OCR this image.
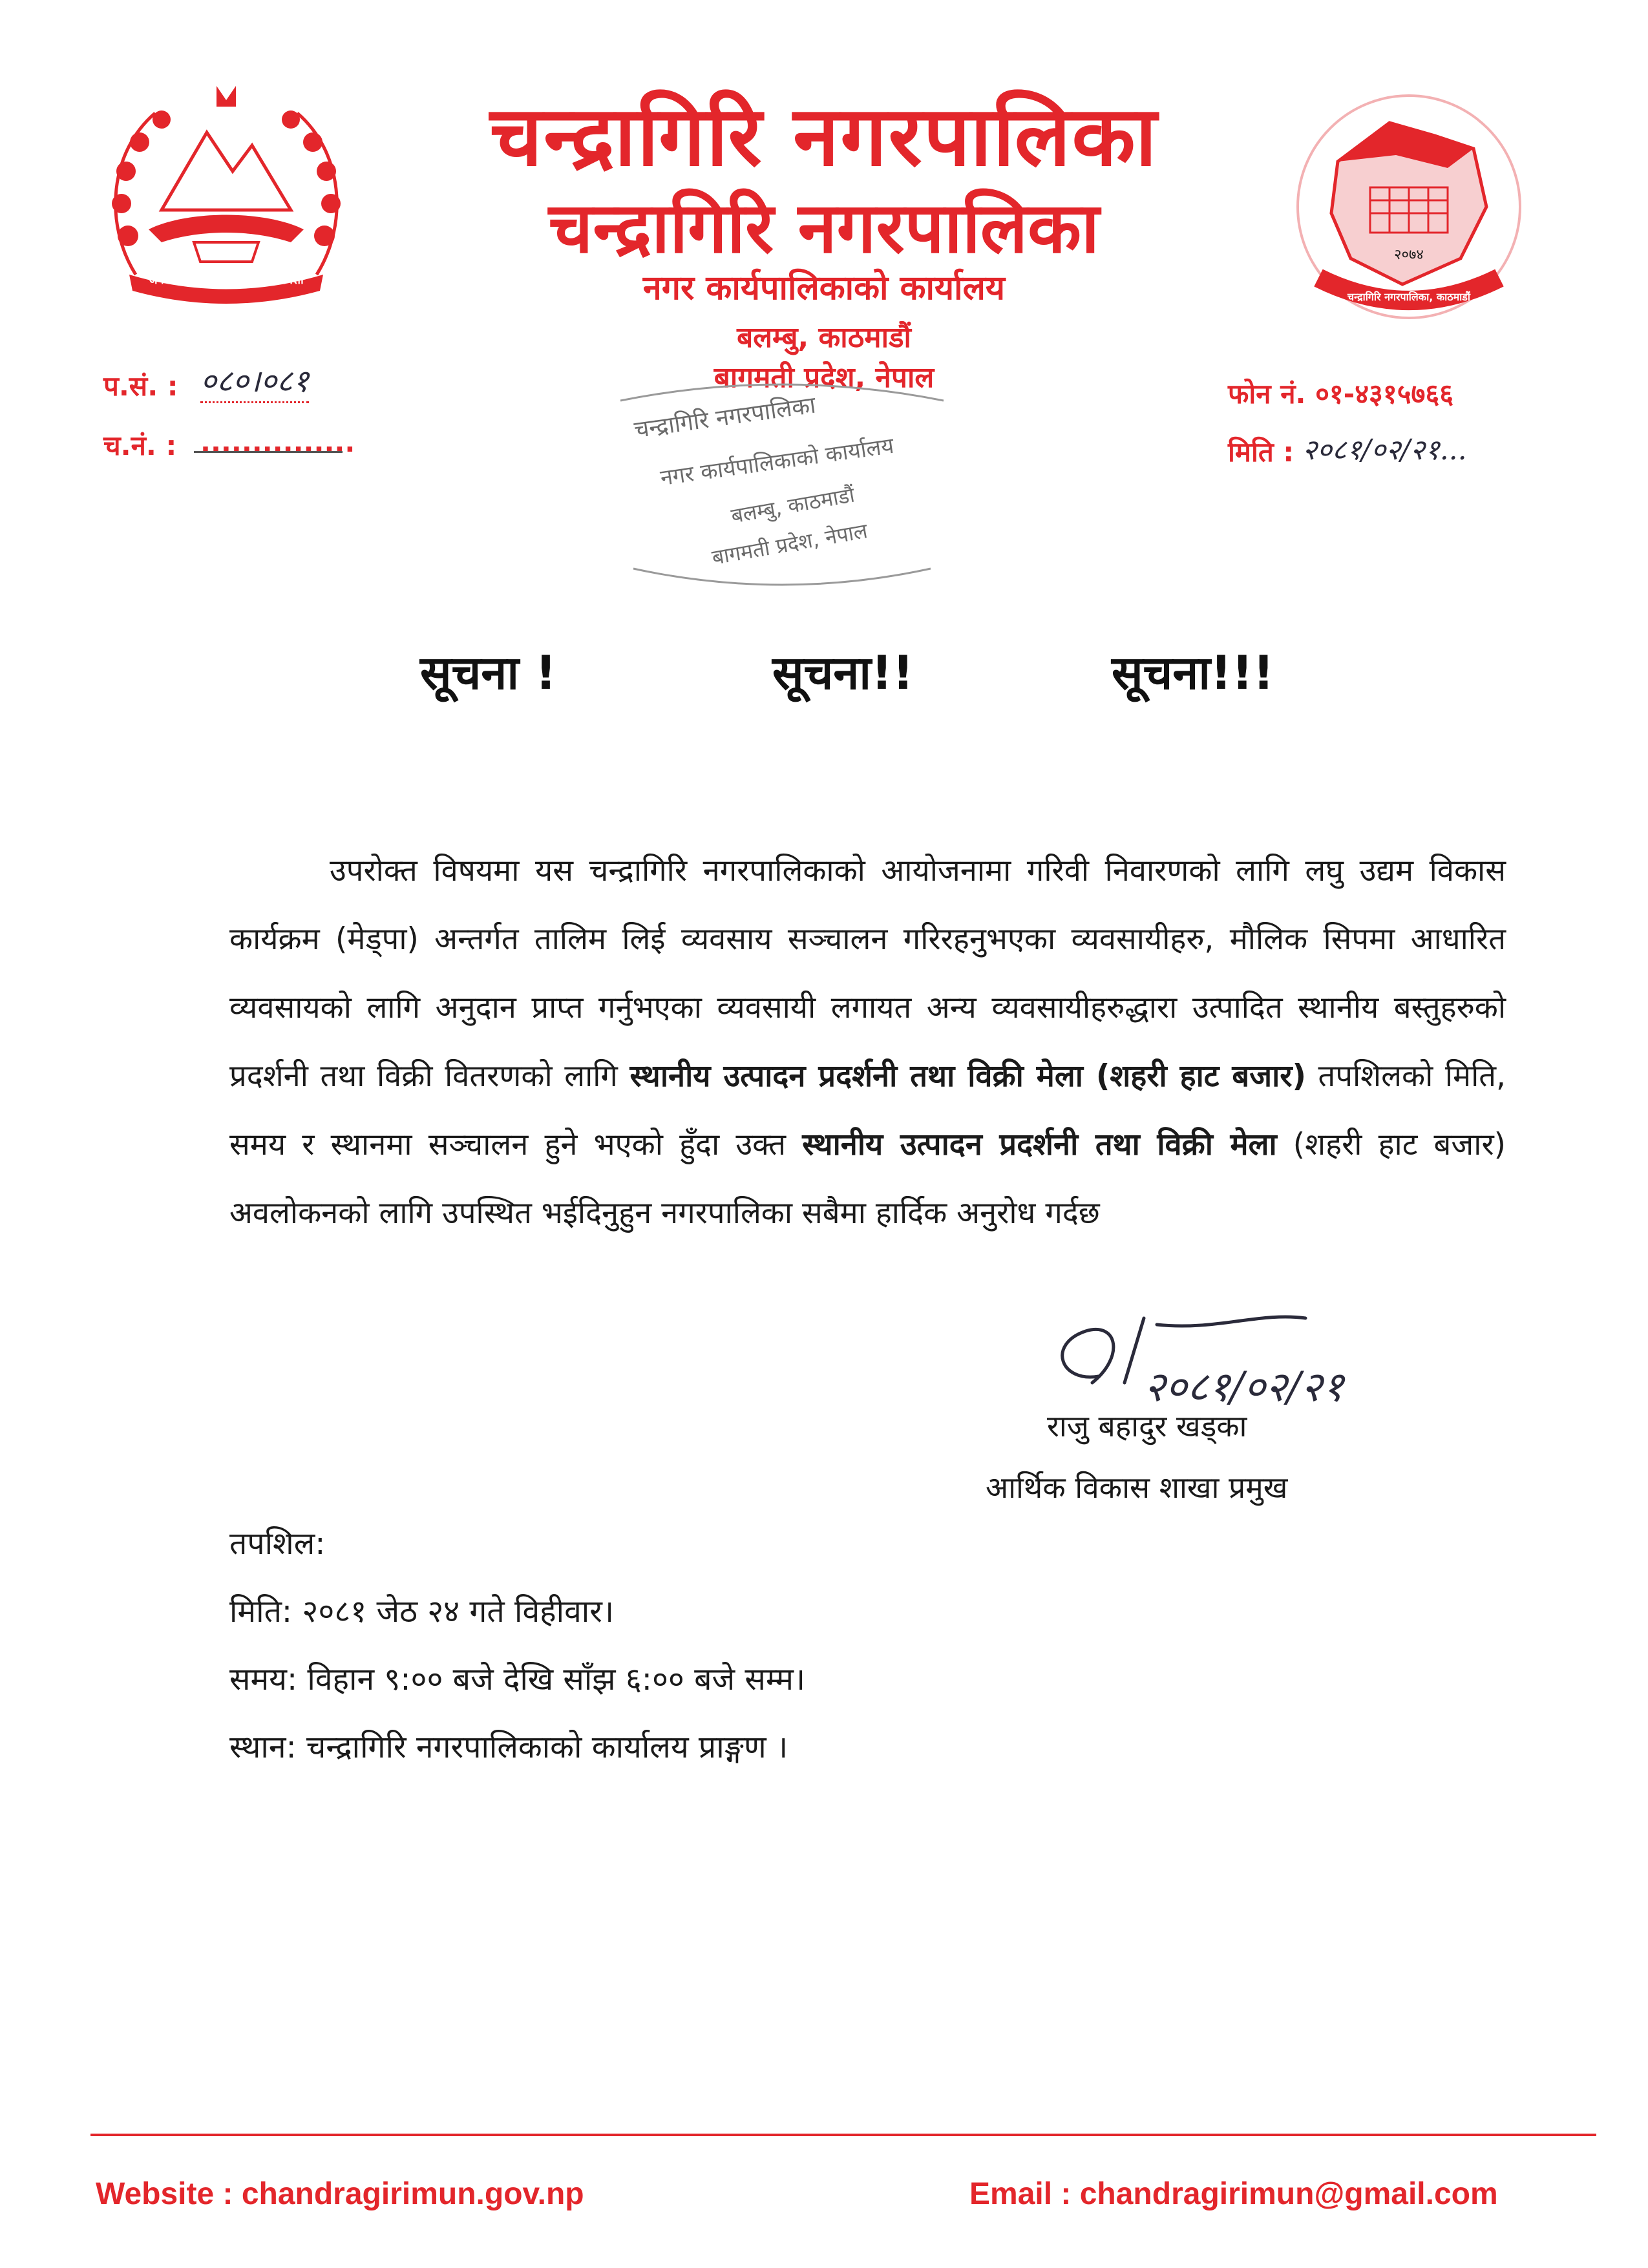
जननी जन्मभूमिश्च स्वर्गादपि गरीयसी
चन्द्रागिरि नगरपालिका
चन्द्रागिरि नगरपालिका
नगर कार्यपालिकाको कार्यालय
बलम्बु, काठमाडौं
बागमती प्रदेश, नेपाल
२०७४
चन्द्रागिरि नगरपालिका, काठमाडौं
प.सं. : ०८०।०८१
च.नं. : ...............
फोन नं. ०१-४३१५७६६
मिति : २०८१/०२/२१...
चन्द्रागिरि नगरपालिका
नगर कार्यपालिकाको कार्यालय
बलम्बु, काठमाडौं
बागमती प्रदेश, नेपाल
सूचना !	सूचना!!	सूचना!!!
उपरोक्त विषयमा यस चन्द्रागिरि नगरपालिकाको आयोजनामा गरिवी निवारणको लागि लघु उद्यम विकास कार्यक्रम (मेड्पा) अन्तर्गत तालिम लिई व्यवसाय सञ्चालन गरिरहनुभएका व्यवसायीहरु, मौलिक सिपमा आधारित व्यवसायको लागि अनुदान प्राप्त गर्नुभएका व्यवसायी लगायत अन्य व्यवसायीहरुद्धारा उत्पादित स्थानीय बस्तुहरुको प्रदर्शनी तथा विक्री वितरणको लागि स्थानीय उत्पादन प्रदर्शनी तथा विक्री मेला (शहरी हाट बजार) तपशिलको मिति, समय र स्थानमा सञ्चालन हुने भएको हुँदा उक्त स्थानीय उत्पादन प्रदर्शनी तथा विक्री मेला (शहरी हाट बजार) अवलोकनको लागि उपस्थित भईदिनुहुन नगरपालिका सबैमा हार्दिक अनुरोध गर्दछ
२०८१/०२/२१
राजु बहादुर खड्का
आर्थिक विकास शाखा प्रमुख
तपशिल:
मिति: २०८१ जेठ २४ गते विहीवार।
समय: विहान ९:०० बजे देखि साँझ ६:०० बजे सम्म।
स्थान: चन्द्रागिरि नगरपालिकाको कार्यालय प्राङ्गण ।
Website : chandragirimun.gov.np	Email : chandragirimun@gmail.com
